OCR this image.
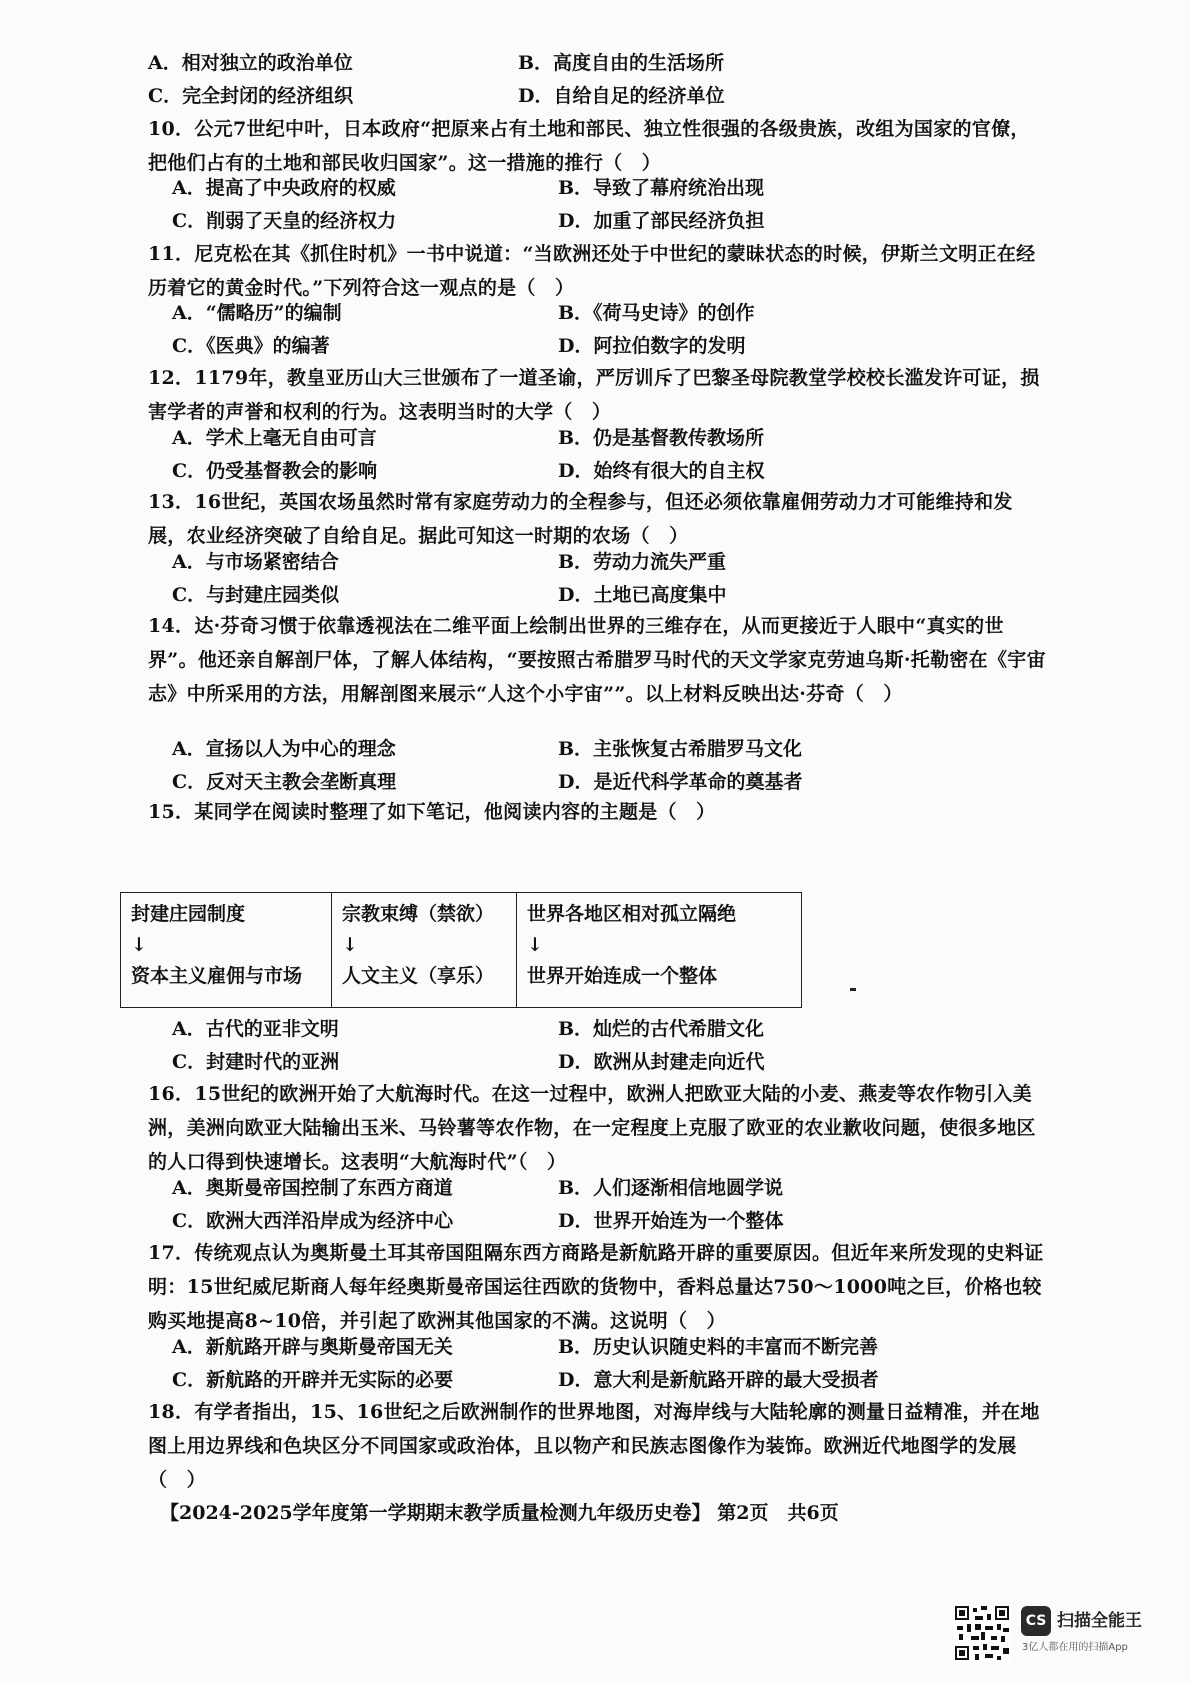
A．相对独立的政治单位	B．高度自由的生活场所
C．完全封闭的经济组织	D．自给自足的经济单位
10．公元7世纪中叶，日本政府“把原来占有土地和部民、独立性很强的各级贵族，改组为国家的官僚，把他们占有的土地和部民收归国家”。这一措施的推行（　）
A．提高了中央政府的权威	B．导致了幕府统治出现
C．削弱了天皇的经济权力	D．加重了部民经济负担
11．尼克松在其《抓住时机》一书中说道：“当欧洲还处于中世纪的蒙昧状态的时候，伊斯兰文明正在经历着它的黄金时代。”下列符合这一观点的是（　）
A．“儒略历”的编制	B．《荷马史诗》的创作
C．《医典》的编著	D．阿拉伯数字的发明
12．1179年，教皇亚历山大三世颁布了一道圣谕，严厉训斥了巴黎圣母院教堂学校校长滥发许可证，损害学者的声誉和权利的行为。这表明当时的大学（　）
A．学术上毫无自由可言	B．仍是基督教传教场所
C．仍受基督教会的影响	D．始终有很大的自主权
13．16世纪，英国农场虽然时常有家庭劳动力的全程参与，但还必须依靠雇佣劳动力才可能维持和发展，农业经济突破了自给自足。据此可知这一时期的农场（　）
A．与市场紧密结合	B．劳动力流失严重
C．与封建庄园类似	D．土地已高度集中
14．达·芬奇习惯于依靠透视法在二维平面上绘制出世界的三维存在，从而更接近于人眼中“真实的世界”。他还亲自解剖尸体，了解人体结构，“要按照古希腊罗马时代的天文学家克劳迪乌斯·托勒密在《宇宙志》中所采用的方法，用解剖图来展示“人这个小宇宙””。以上材料反映出达·芬奇（　）
A．宣扬以人为中心的理念	B．主张恢复古希腊罗马文化
C．反对天主教会垄断真理	D．是近代科学革命的奠基者
15．某同学在阅读时整理了如下笔记，他阅读内容的主题是（　）
封建庄园制度
↓
资本主义雇佣与市场

宗教束缚（禁欲）
↓
人文主义（享乐）

世界各地区相对孤立隔绝
↓
世界开始连成一个整体
A．古代的亚非文明	B．灿烂的古代希腊文化
C．封建时代的亚洲	D．欧洲从封建走向近代
16．15世纪的欧洲开始了大航海时代。在这一过程中，欧洲人把欧亚大陆的小麦、燕麦等农作物引入美洲，美洲向欧亚大陆输出玉米、马铃薯等农作物，在一定程度上克服了欧亚的农业歉收问题，使很多地区的人口得到快速增长。这表明“大航海时代”（　）
A．奥斯曼帝国控制了东西方商道	B．人们逐渐相信地圆学说
C．欧洲大西洋沿岸成为经济中心	D．世界开始连为一个整体
17．传统观点认为奥斯曼土耳其帝国阻隔东西方商路是新航路开辟的重要原因。但近年来所发现的史料证明：15世纪威尼斯商人每年经奥斯曼帝国运往西欧的货物中，香料总量达750～1000吨之巨，价格也较购买地提高8~10倍，并引起了欧洲其他国家的不满。这说明（　）
A．新航路开辟与奥斯曼帝国无关	B．历史认识随史料的丰富而不断完善
C．新航路的开辟并无实际的必要	D．意大利是新航路开辟的最大受损者
18．有学者指出，15、16世纪之后欧洲制作的世界地图，对海岸线与大陆轮廓的测量日益精准，并在地图上用边界线和色块区分不同国家或政治体，且以物产和民族志图像作为装饰。欧洲近代地图学的发展（　）
【2024-2025学年度第一学期期末教学质量检测九年级历史卷】 第2页　共6页
CS 扫描全能王
3亿人都在用的扫描App
